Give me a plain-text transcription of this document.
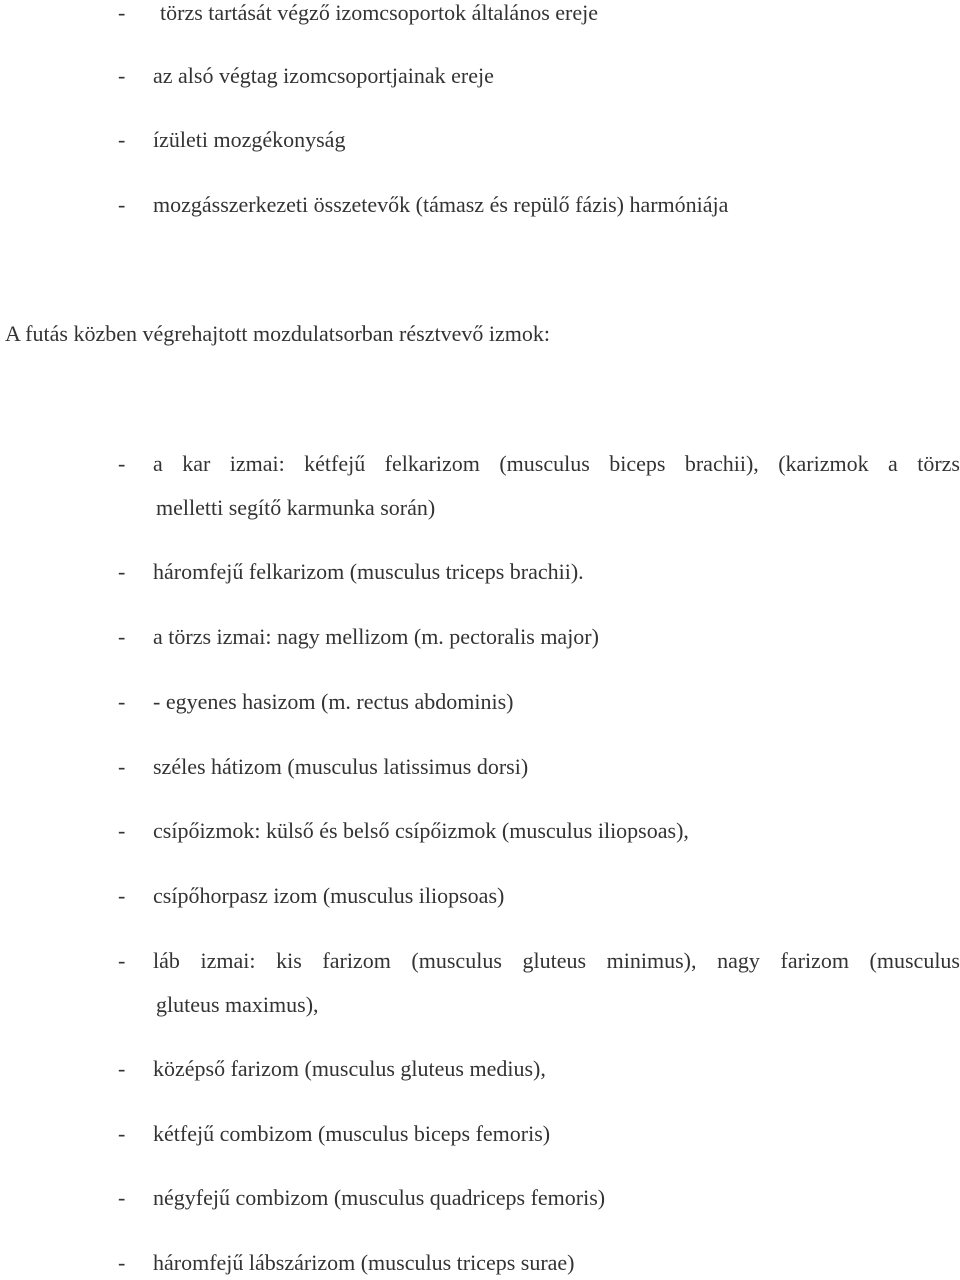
- törzs tartását végző izomcsoportok általános ereje
- az alsó végtag izomcsoportjainak ereje
- ízületi mozgékonyság
- mozgásszerkezeti összetevők (támasz és repülő fázis) harmóniája
A futás közben végrehajtott mozdulatsorban résztvevő izmok:
- a kar izmai: kétfejű felkarizom (musculus biceps brachii), (karizmok a törzs
melletti segítő karmunka során)
- háromfejű felkarizom (musculus triceps brachii).
- a törzs izmai: nagy mellizom (m. pectoralis major)
- - egyenes hasizom (m. rectus abdominis)
- széles hátizom (musculus latissimus dorsi)
- csípőizmok: külső és belső csípőizmok (musculus iliopsoas),
- csípőhorpasz izom (musculus iliopsoas)
- láb izmai: kis farizom (musculus gluteus minimus), nagy farizom (musculus
gluteus maximus),
- középső farizom (musculus gluteus medius),
- kétfejű combizom (musculus biceps femoris)
- négyfejű combizom (musculus quadriceps femoris)
- háromfejű lábszárizom (musculus triceps surae)
